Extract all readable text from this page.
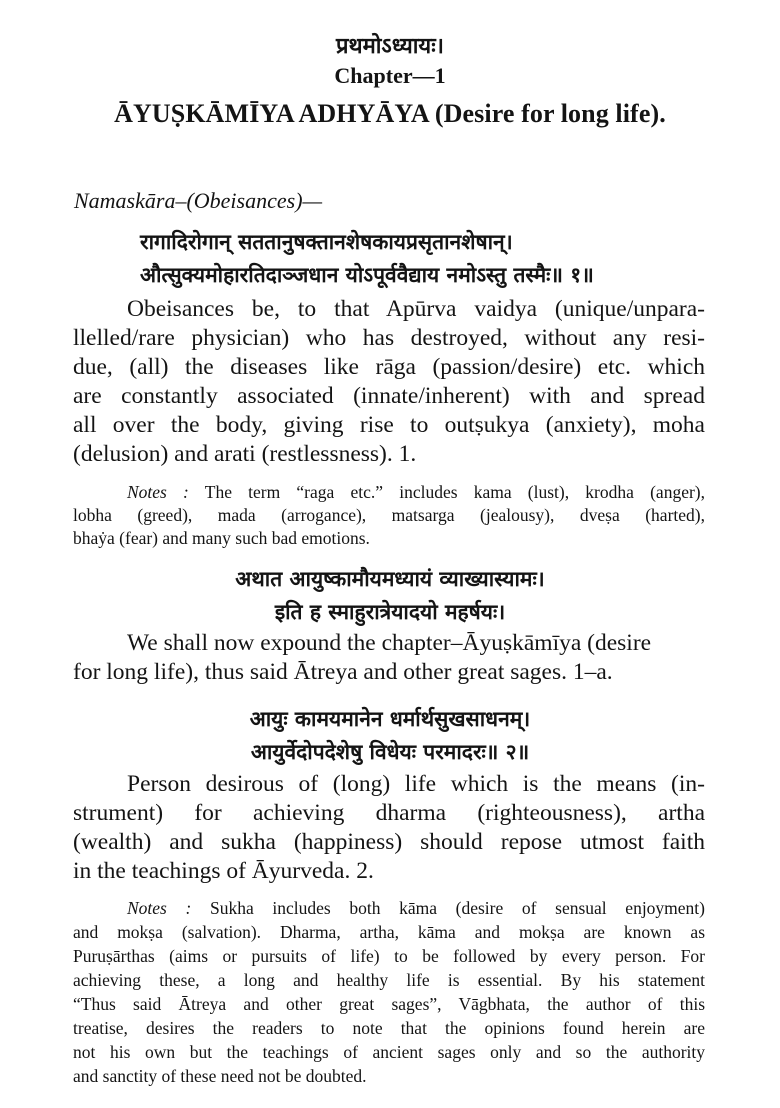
प्रथमोऽध्यायः।
Chapter—1
ĀYUṢKĀMĪYA ADHYĀYA (Desire for long life).
Namaskāra–(Obeisances)—
रागादिरोगान् सततानुषक्तानशेषकायप्रसृतानशेषान्।
औत्सुक्यमोहारतिदाञ्जधान योऽपूर्ववैद्याय नमोऽस्तु तस्मैः॥ १॥
Obeisances be, to that Apūrva vaidya (unique/unpara-
llelled/rare physician) who has destroyed, without any resi-
due, (all) the diseases like rāga (passion/desire) etc. which
are constantly associated (innate/inherent) with and spread
all over the body, giving rise to outṣukya (anxiety), moha
(delusion) and arati (restlessness). 1.
Notes : The term “raga etc.” includes kama (lust), krodha (anger),
lobha (greed), mada (arrogance), matsarga (jealousy), dveṣa (harted),
bhaẏa (fear) and many such bad emotions.
अथात आयुष्कामौयमध्यायं व्याख्यास्यामः।
इति ह स्माहुरात्रेयादयो महर्षयः।
We shall now expound the chapter–Āyuṣkāmīya (desire
for long life), thus said Ātreya and other great sages. 1–a.
आयुः कामयमानेन धर्मार्थसुखसाधनम्।
आयुर्वेदोपदेशेषु विधेयः परमादरः॥ २॥
Person desirous of (long) life which is the means (in-
strument) for achieving dharma (righteousness), artha
(wealth) and sukha (happiness) should repose utmost faith
in the teachings of Āyurveda. 2.
Notes : Sukha includes both kāma (desire of sensual enjoyment)
and mokṣa (salvation). Dharma, artha, kāma and mokṣa are known as
Puruṣārthas (aims or pursuits of life) to be followed by every person. For
achieving these, a long and healthy life is essential. By his statement
“Thus said Ātreya and other great sages”, Vāgbhata, the author of this
treatise, desires the readers to note that the opinions found herein are
not his own but the teachings of ancient sages only and so the authority
and sanctity of these need not be doubted.
